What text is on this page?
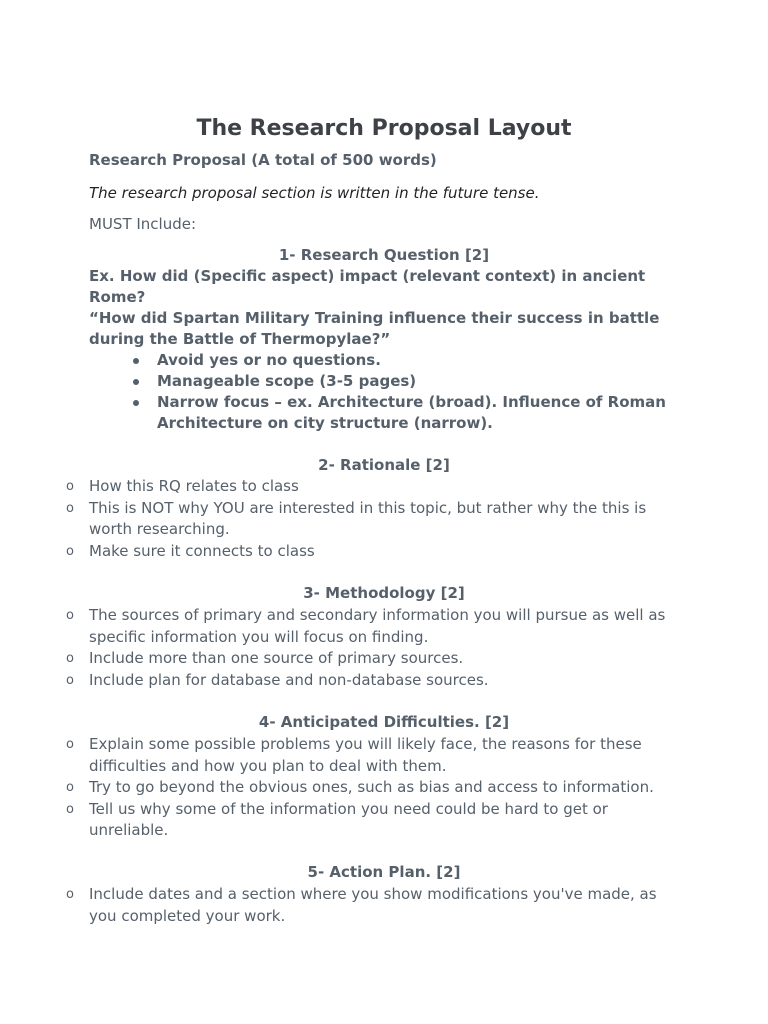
The Research Proposal Layout
Research Proposal (A total of 500 words)
The research proposal section is written in the future tense.
MUST Include:
1- Research Question [2]
Ex. How did (Specific aspect) impact (relevant context) in ancient Rome?
“How did Spartan Military Training influence their success in battle during the Battle of Thermopylae?”
Avoid yes or no questions.
Manageable scope (3-5 pages)
Narrow focus – ex. Architecture (broad). Influence of Roman Architecture on city structure (narrow).
2- Rationale [2]
o How this RQ relates to class
o This is NOT why YOU are interested in this topic, but rather why the this is worth researching.
o Make sure it connects to class
3- Methodology [2]
o The sources of primary and secondary information you will pursue as well as specific information you will focus on finding.
o Include more than one source of primary sources.
o Include plan for database and non-database sources.
4- Anticipated Difficulties. [2]
o Explain some possible problems you will likely face, the reasons for these difficulties and how you plan to deal with them.
o Try to go beyond the obvious ones, such as bias and access to information.
o Tell us why some of the information you need could be hard to get or unreliable.
5- Action Plan. [2]
o Include dates and a section where you show modifications you've made, as you completed your work.
